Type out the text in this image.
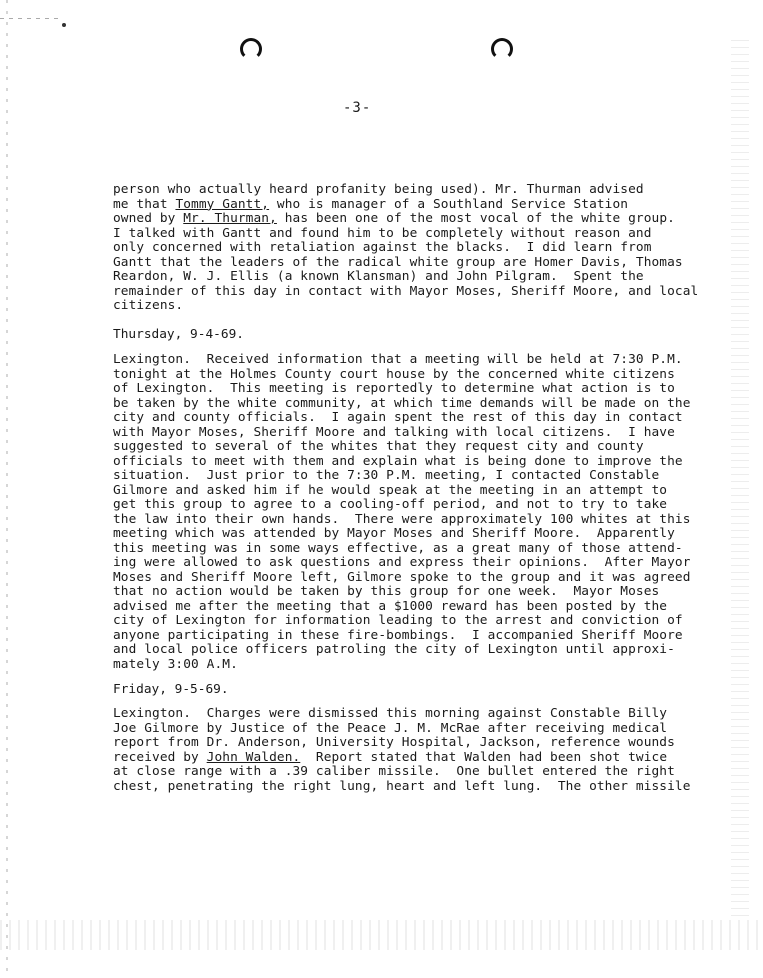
-3-
person who actually heard profanity being used). Mr. Thurman advised
me that Tommy Gantt, who is manager of a Southland Service Station
owned by Mr. Thurman, has been one of the most vocal of the white group.
I talked with Gantt and found him to be completely without reason and
only concerned with retaliation against the blacks.  I did learn from
Gantt that the leaders of the radical white group are Homer Davis, Thomas
Reardon, W. J. Ellis (a known Klansman) and John Pilgram.  Spent the
remainder of this day in contact with Mayor Moses, Sheriff Moore, and local
citizens.
Thursday, 9-4-69.
Lexington.  Received information that a meeting will be held at 7:30 P.M.
tonight at the Holmes County court house by the concerned white citizens
of Lexington.  This meeting is reportedly to determine what action is to
be taken by the white community, at which time demands will be made on the
city and county officials.  I again spent the rest of this day in contact
with Mayor Moses, Sheriff Moore and talking with local citizens.  I have
suggested to several of the whites that they request city and county
officials to meet with them and explain what is being done to improve the
situation.  Just prior to the 7:30 P.M. meeting, I contacted Constable
Gilmore and asked him if he would speak at the meeting in an attempt to
get this group to agree to a cooling-off period, and not to try to take
the law into their own hands.  There were approximately 100 whites at this
meeting which was attended by Mayor Moses and Sheriff Moore.  Apparently
this meeting was in some ways effective, as a great many of those attend-
ing were allowed to ask questions and express their opinions.  After Mayor
Moses and Sheriff Moore left, Gilmore spoke to the group and it was agreed
that no action would be taken by this group for one week.  Mayor Moses
advised me after the meeting that a $1000 reward has been posted by the
city of Lexington for information leading to the arrest and conviction of
anyone participating in these fire-bombings.  I accompanied Sheriff Moore
and local police officers patroling the city of Lexington until approxi-
mately 3:00 A.M.
Friday, 9-5-69.
Lexington.  Charges were dismissed this morning against Constable Billy
Joe Gilmore by Justice of the Peace J. M. McRae after receiving medical
report from Dr. Anderson, University Hospital, Jackson, reference wounds
received by John Walden.  Report stated that Walden had been shot twice
at close range with a .39 caliber missile.  One bullet entered the right
chest, penetrating the right lung, heart and left lung.  The other missile
